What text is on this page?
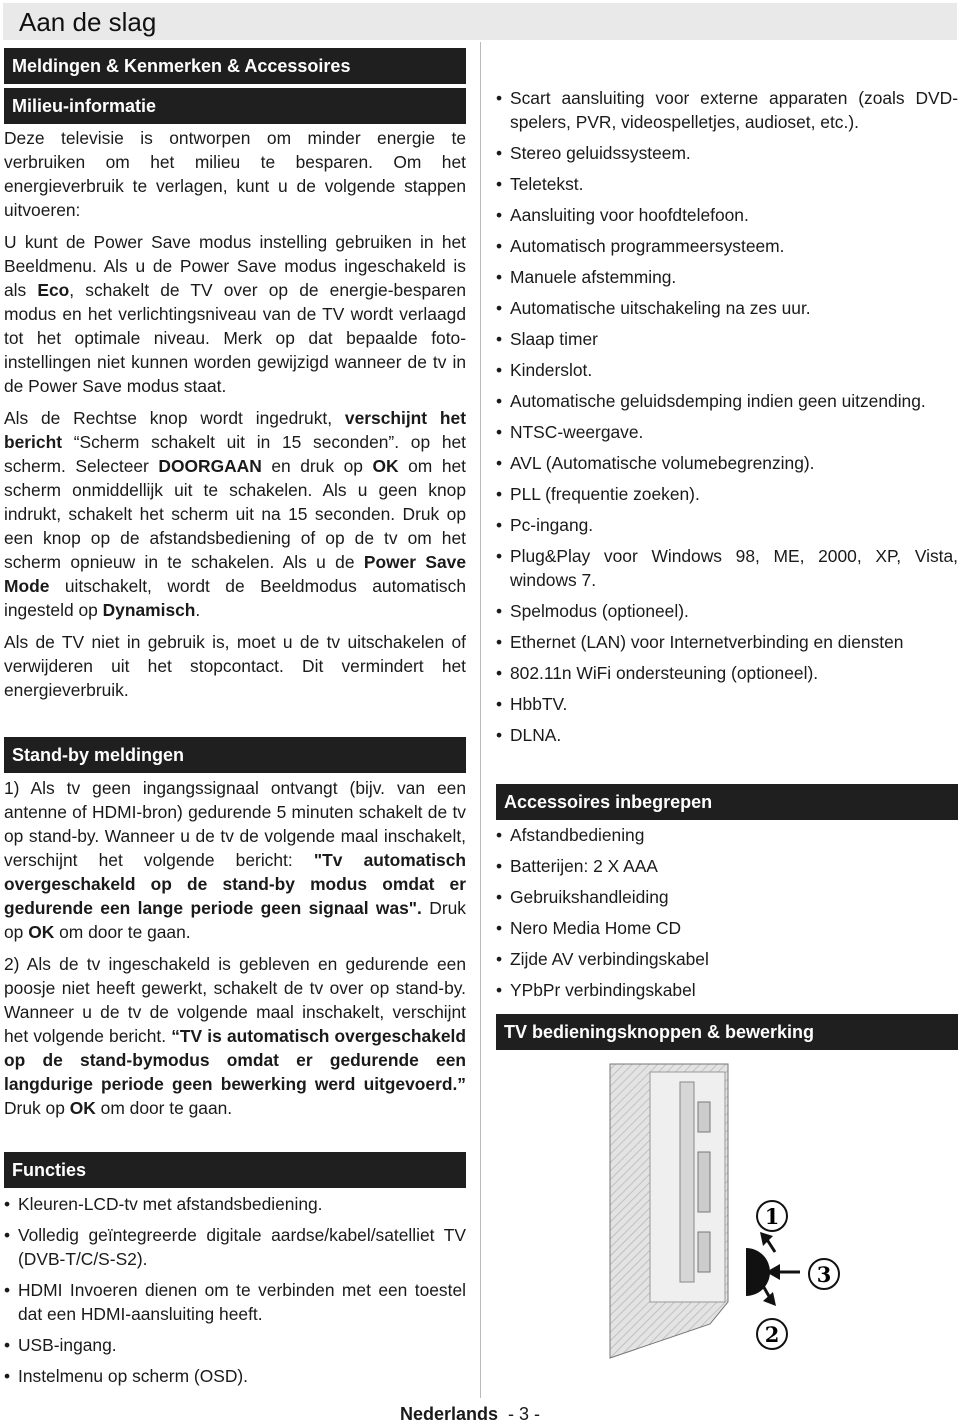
Aan de slag
Meldingen & Kenmerken & Accessoires
Milieu-informatie

Deze televisie is ontworpen om minder energie te verbruiken om het milieu te besparen. Om het energieverbruik te verlagen, kunt u de volgende stappen uitvoeren:

U kunt de Power Save modus instelling gebruiken in het Beeldmenu. Als u de Power Save modus ingeschakeld is als Eco, schakelt de TV over op de energie-besparen modus en het verlichtingsniveau van de TV wordt verlaagd tot het optimale niveau. Merk op dat bepaalde foto-instellingen niet kunnen worden gewijzigd wanneer de tv in de Power Save modus staat.

Als de Rechtse knop wordt ingedrukt, verschijnt het bericht “Scherm schakelt uit in 15 seconden”. op het scherm. Selecteer DOORGAAN en druk op OK om het scherm onmiddellijk uit te schakelen. Als u geen knop indrukt, schakelt het scherm uit na 15 seconden. Druk op een knop op de afstandsbediening of op de tv om het scherm opnieuw in te schakelen. Als u de Power Save Mode uitschakelt, wordt de Beeldmodus automatisch ingesteld op Dynamisch.

Als de TV niet in gebruik is, moet u de tv uitschakelen of verwijderen uit het stopcontact. Dit vermindert het energieverbruik.

Stand-by meldingen

1) Als tv geen ingangssignaal ontvangt (bijv. van een antenne of HDMI-bron) gedurende 5 minuten schakelt de tv op stand-by. Wanneer u de tv de volgende maal inschakelt, verschijnt het volgende bericht: "Tv automatisch overgeschakeld op de stand-by modus omdat er gedurende een lange periode geen signaal was". Druk op OK om door te gaan.

2) Als de tv ingeschakeld is gebleven en gedurende een poosje niet heeft gewerkt, schakelt de tv over op stand-by. Wanneer u de tv de volgende maal inschakelt, verschijnt het volgende bericht. “TV is automatisch overgeschakeld op de stand-bymodus omdat er gedurende een langdurige periode geen bewerking werd uitgevoerd.” Druk op OK om door te gaan.

Functies
• Kleuren-LCD-tv met afstandsbediening.
• Volledig geïntegreerde digitale aardse/kabel/satelliet TV (DVB-T/C/S-S2).
• HDMI Invoeren dienen om te verbinden met een toestel dat een HDMI-aansluiting heeft.
• USB-ingang.
• Instelmenu op scherm (OSD).
• Scart aansluiting voor externe apparaten (zoals DVD-spelers, PVR, videospelletjes, audioset, etc.).
• Stereo geluidssysteem.
• Teletekst.
• Aansluiting voor hoofdtelefoon.
• Automatisch programmeersysteem.
• Manuele afstemming.
• Automatische uitschakeling na zes uur.
• Slaap timer
• Kinderslot.
• Automatische geluidsdemping indien geen uitzending.
• NTSC-weergave.
• AVL (Automatische volumebegrenzing).
• PLL (frequentie zoeken).
• Pc-ingang.
• Plug&Play voor Windows 98, ME, 2000, XP, Vista, windows 7.
• Spelmodus (optioneel).
• Ethernet (LAN) voor Internetverbinding en diensten
• 802.11n WiFi ondersteuning (optioneel).
• HbbTV.
• DLNA.
Accessoires inbegrepen
• Afstandbediening
• Batterijen: 2 X AAA
• Gebruikshandleiding
• Nero Media Home CD
• Zijde AV verbindingskabel
• YPbPr verbindingskabel
TV bedieningsknoppen & bewerking
1
2
3
Nederlands - 3 -
